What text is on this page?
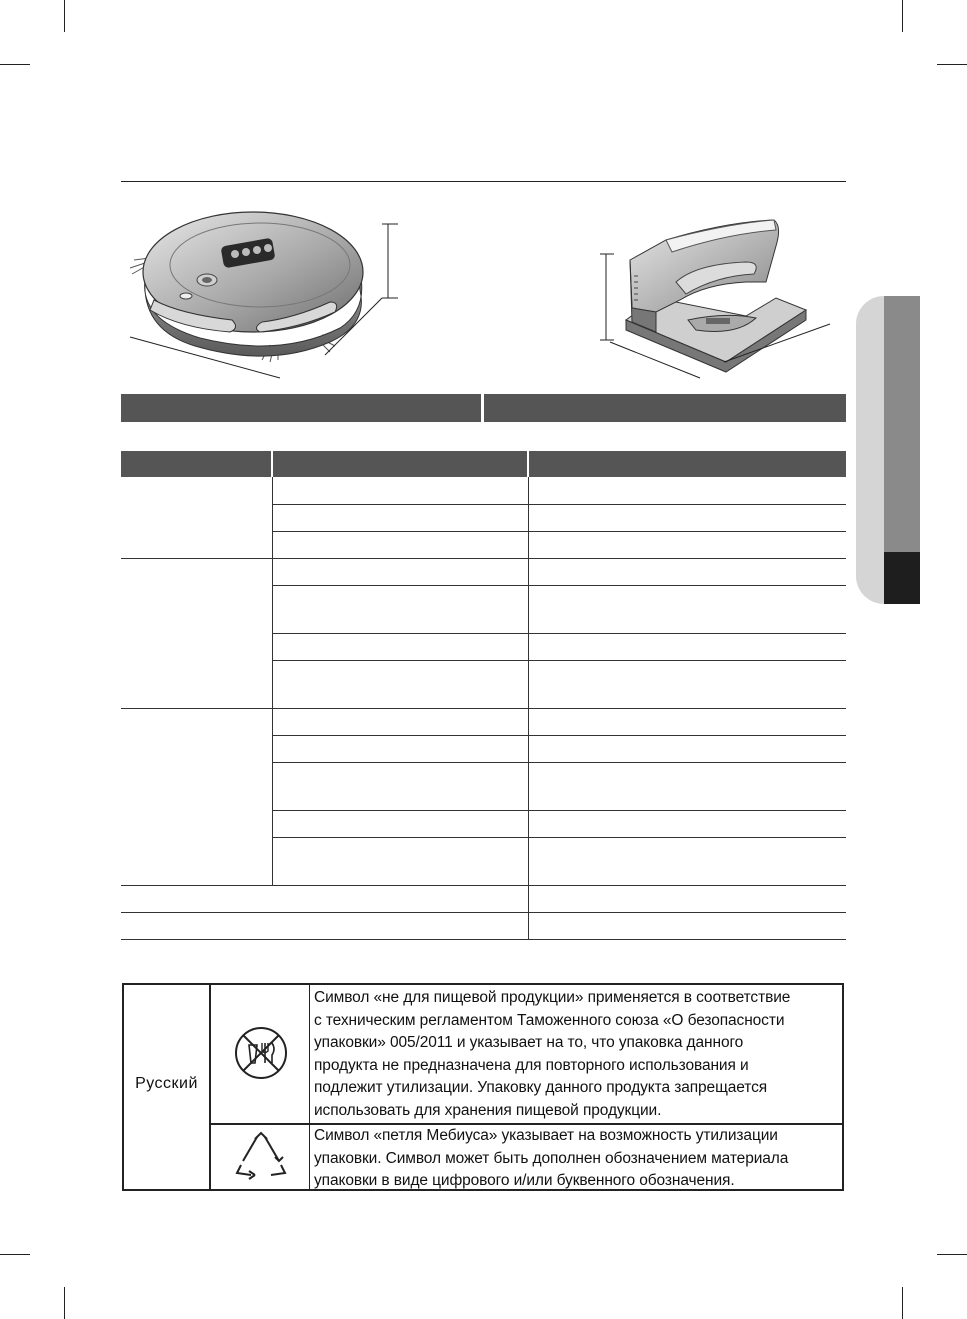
Русский
Символ «не для пищевой продукции» применяется в соответствие
с техническим регламентом Таможенного союза «О безопасности
упаковки» 005/2011 и указывает на то, что упаковка данного
продукта не предназначена для повторного использования и
подлежит утилизации. Упаковку данного продукта запрещается
использовать для хранения пищевой продукции.
Символ «петля Мебиуса» указывает на возможность утилизации
упаковки. Символ может быть дополнен обозначением материала
упаковки в виде цифрового и/или буквенного обозначения.
